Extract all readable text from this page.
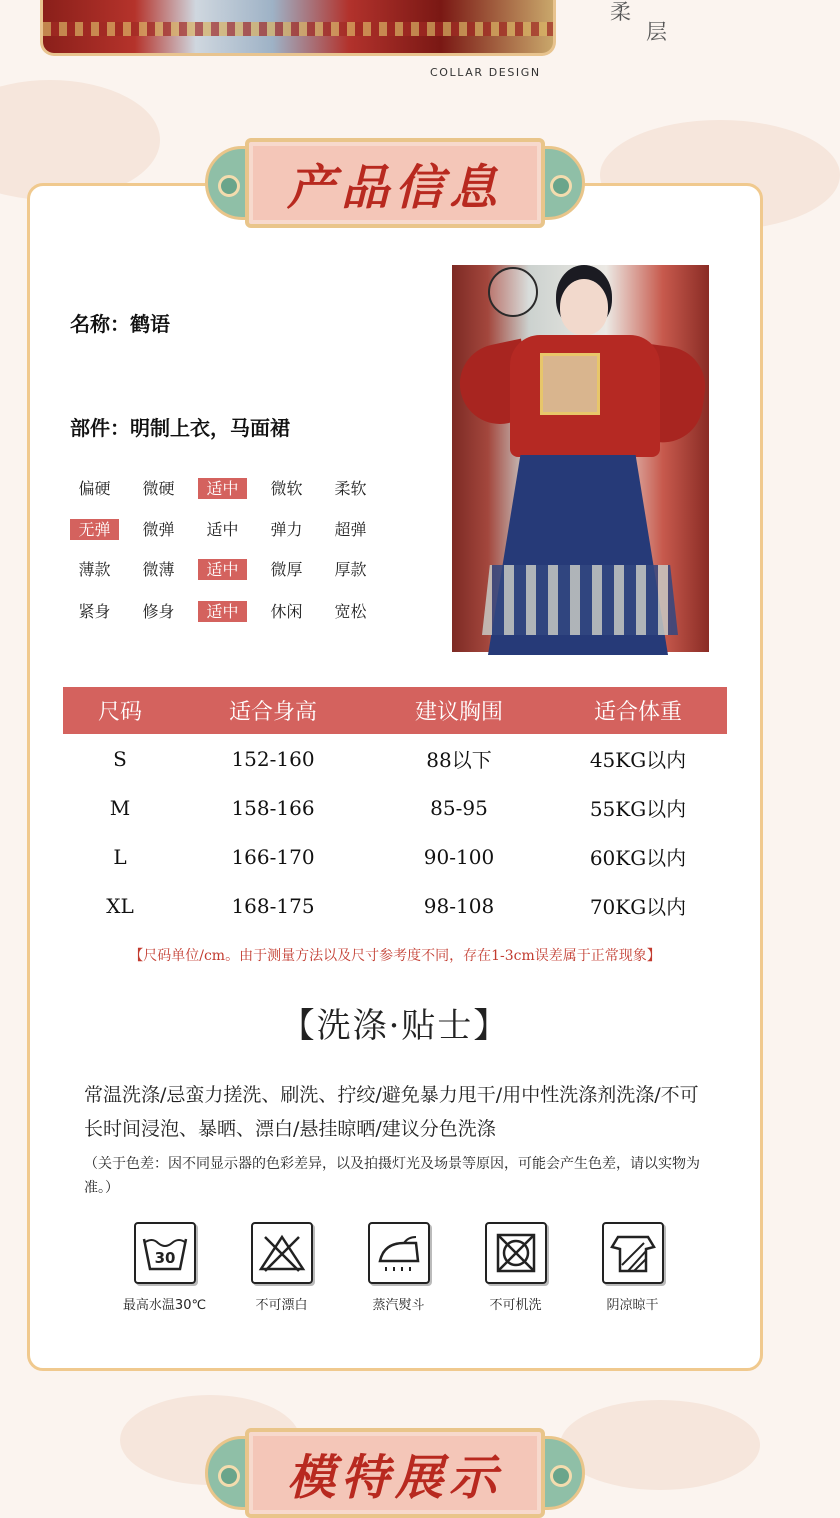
COLLAR DESIGN
柔
层
产品信息
名称：鹤语
部件：明制上衣，马面裙
偏硬	微硬	适中	微软	柔软
无弹	微弹	适中	弹力	超弹
薄款	微薄	适中	微厚	厚款
紧身	修身	适中	休闲	宽松
尺码	适合身高	建议胸围	适合体重
S	152-160	88以下	45KG以内
M	158-166	85-95	55KG以内
L	166-170	90-100	60KG以内
XL	168-175	98-108	70KG以内
【尺码单位/cm。由于测量方法以及尺寸参考度不同，存在1-3cm误差属于正常现象】
【洗涤·贴士】
常温洗涤/忌蛮力搓洗、刷洗、拧绞/避免暴力甩干/用中性洗涤剂洗涤/不可长时间浸泡、暴晒、漂白/悬挂晾晒/建议分色洗涤
（关于色差：因不同显示器的色彩差异，以及拍摄灯光及场景等原因，可能会产生色差，请以实物为准。）
30
最高水温30℃	不可漂白	蒸汽熨斗	不可机洗	阴凉晾干
模特展示
